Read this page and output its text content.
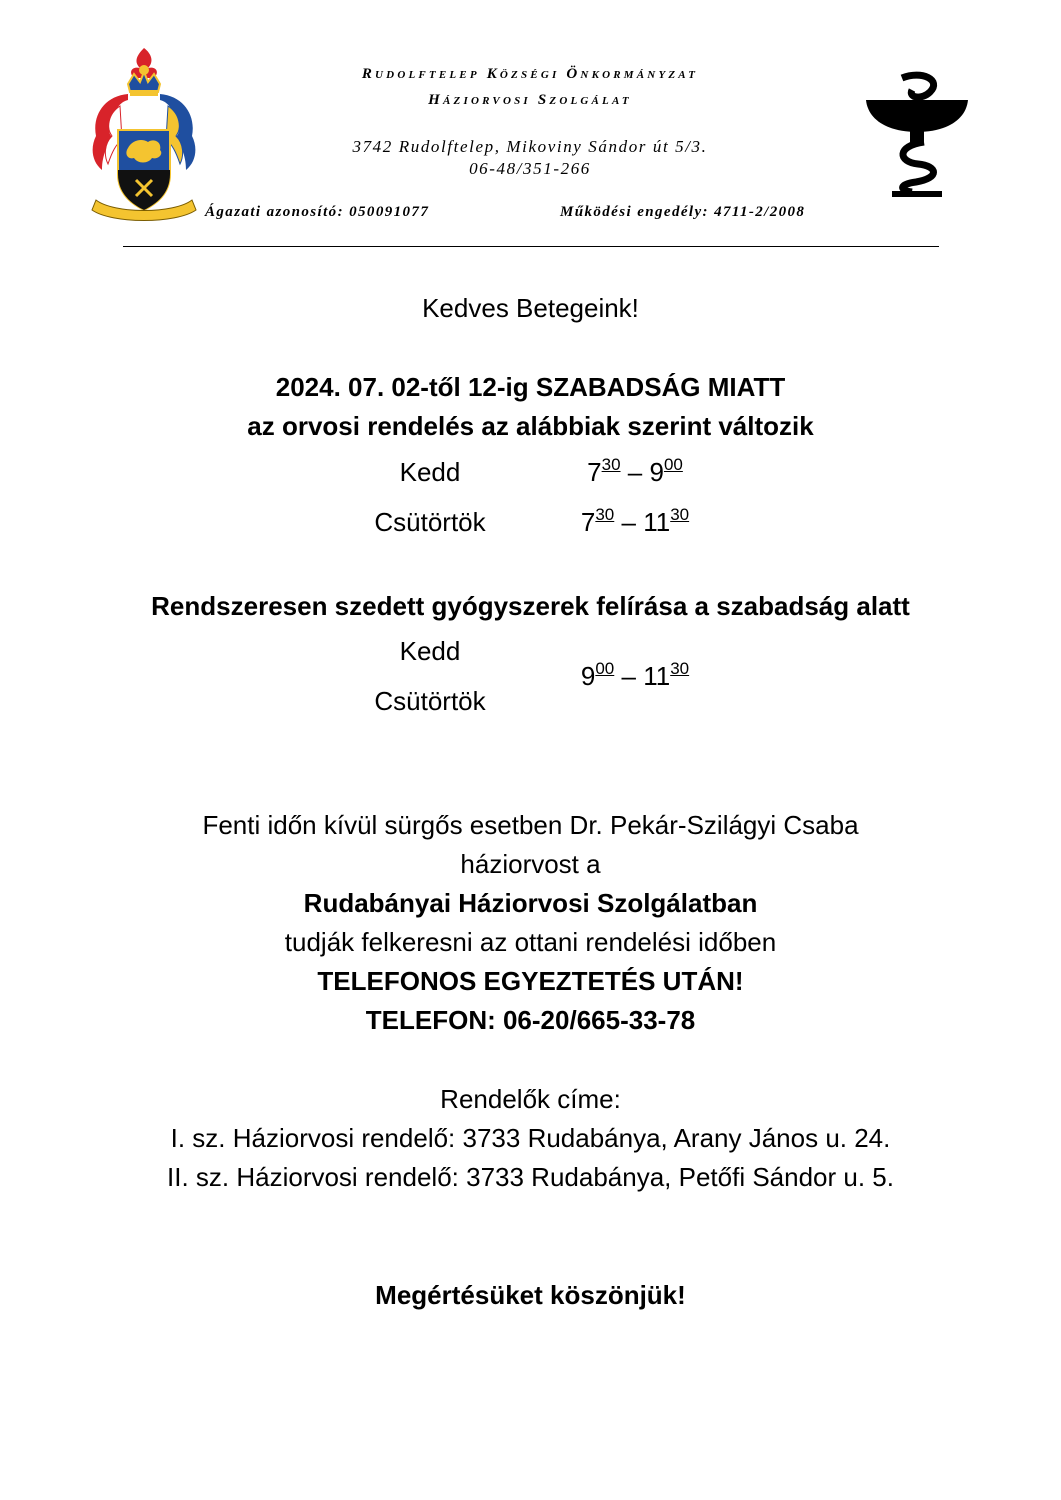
Rudolftelep Községi Önkormányzat
Háziorvosi Szolgálat
3742 Rudolftelep, Mikoviny Sándor út 5/3.
06-48/351-266
Ágazati azonosító: 050091077	Működési engedély: 4711-2/2008
Kedves Betegeink!
2024. 07. 02-től 12-ig SZABADSÁG MIATT
az orvosi rendelés az alábbiak szerint változik
Kedd	$7^{30} - 9^{00}$
Csütörtök	$7^{30} - 11^{30}$
Rendszeresen szedett gyógyszerek felírása a szabadság alatt
Kedd
Csütörtök
$9^{00} - 11^{30}$
Fenti időn kívül sürgős esetben Dr. Pekár-Szilágyi Csaba
háziorvost a
Rudabányai Háziorvosi Szolgálatban
tudják felkeresni az ottani rendelési időben
TELEFONOS EGYEZTETÉS UTÁN!
TELEFON: 06-20/665-33-78
Rendelők címe:
I. sz. Háziorvosi rendelő: 3733 Rudabánya, Arany János u. 24.
II. sz. Háziorvosi rendelő: 3733 Rudabánya, Petőfi Sándor u. 5.
Megértésüket köszönjük!
